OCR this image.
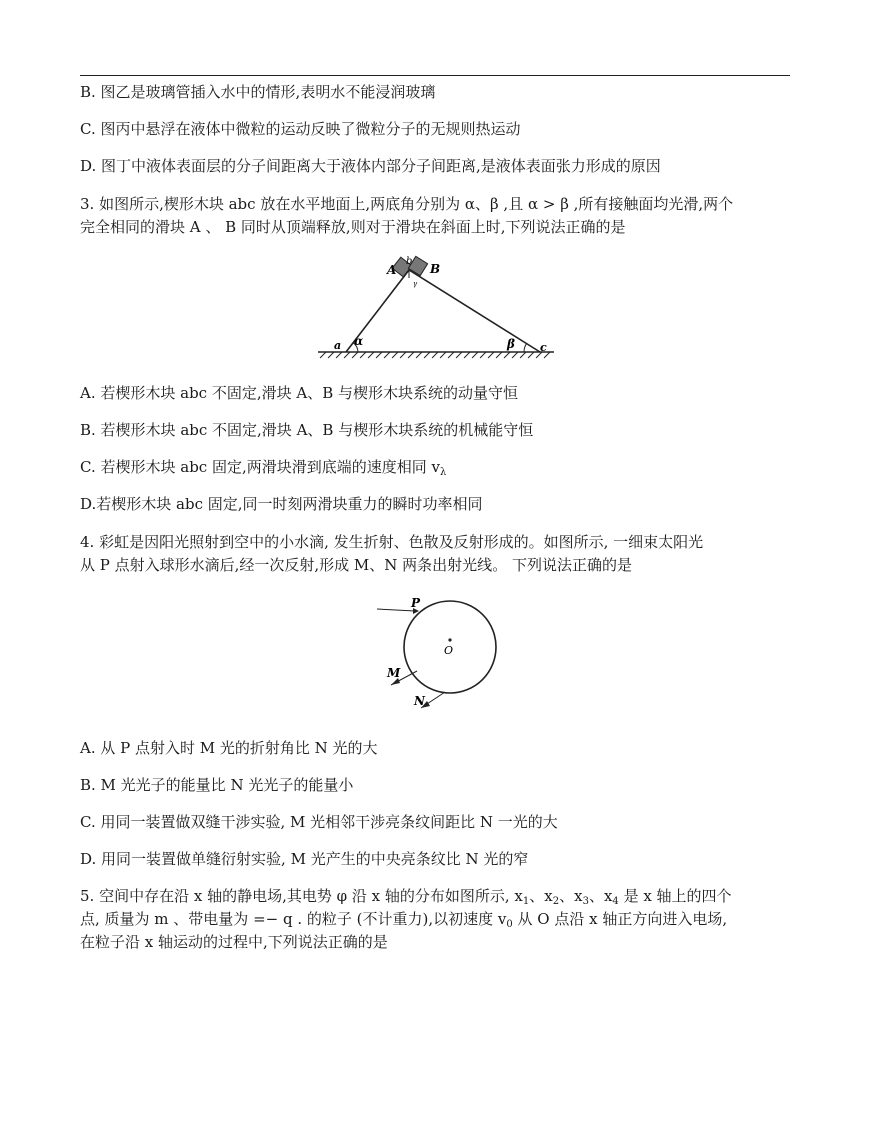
B. 图乙是玻璃管插入水中的情形,表明水不能浸润玻璃
C. 图丙中悬浮在液体中微粒的运动反映了微粒分子的无规则热运动
D. 图丁中液体表面层的分子间距离大于液体内部分子间距离,是液体表面张力形成的原因
3. 如图所示,楔形木块 abc 放在水平地面上,两底角分别为 α、β ,且 α > β ,所有接触面均光滑,两个
完全相同的滑块 A 、 B 同时从顶端释放,则对于滑块在斜面上时,下列说法正确的是
A	B
b
γ
a α	β c
A. 若楔形木块 abc 不固定,滑块 A、B 与楔形木块系统的动量守恒
B. 若楔形木块 abc 不固定,滑块 A、B 与楔形木块系统的机械能守恒
C. 若楔形木块 abc 固定,两滑块滑到底端的速度相同 $v_\lambda$
D.若楔形木块 abc 固定,同一时刻两滑块重力的瞬时功率相同
4. 彩虹是因阳光照射到空中的小水滴, 发生折射、色散及反射形成的。如图所示, 一细束太阳光
从 P 点射入球形水滴后,经一次反射,形成 M、N 两条出射光线。 下列说法正确的是
P
O
M
N
A. 从 P 点射入时 M 光的折射角比 N 光的大
B. M 光光子的能量比 N 光光子的能量小
C. 用同一装置做双缝干涉实验, M 光相邻干涉亮条纹间距比 N 一光的大
D. 用同一装置做单缝衍射实验, M 光产生的中央亮条纹比 N 光的窄
5. 空间中存在沿 x 轴的静电场,其电势 φ 沿 x 轴的分布如图所示, $x_1$、$x_2$、$x_3$、$x_4$ 是 x 轴上的四个
点, 质量为 m 、带电量为 =− q . 的粒子 (不计重力),以初速度 $v_0$ 从 O 点沿 x 轴正方向进入电场,
在粒子沿 x 轴运动的过程中,下列说法正确的是
